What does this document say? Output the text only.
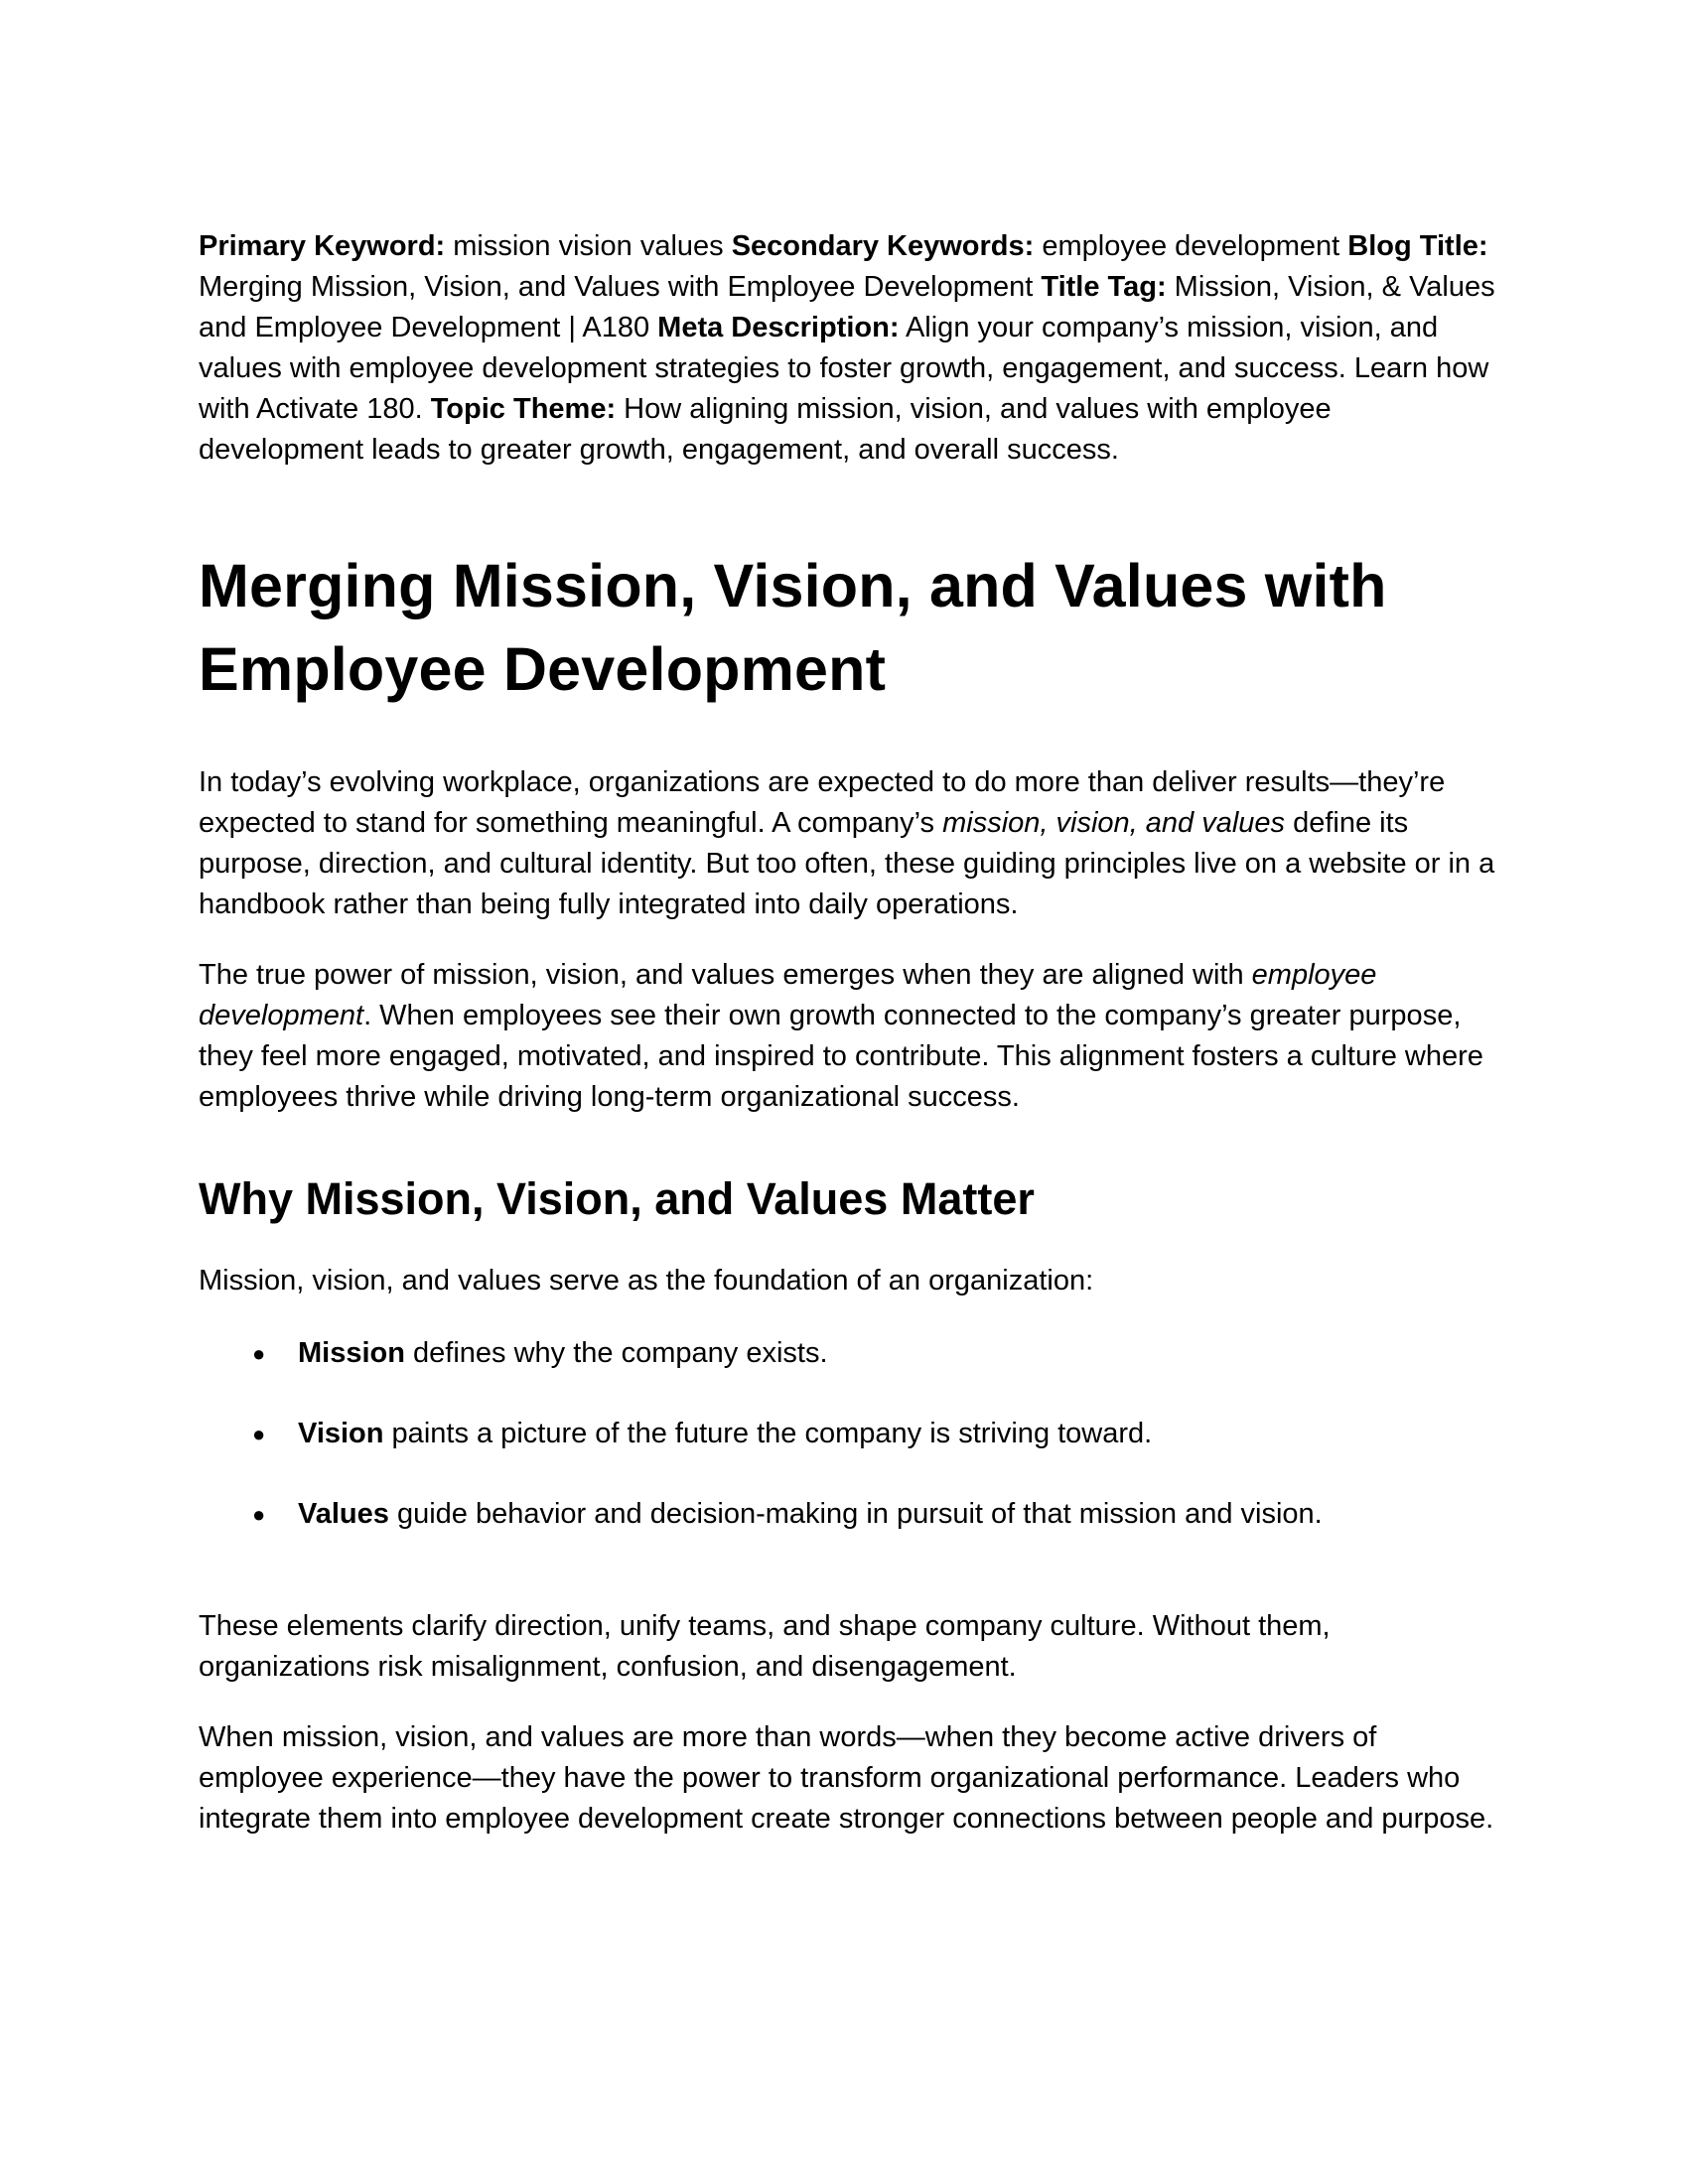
Primary Keyword: mission vision values Secondary Keywords: employee development Blog Title: Merging Mission, Vision, and Values with Employee Development Title Tag: Mission, Vision, & Values and Employee Development | A180 Meta Description: Align your company’s mission, vision, and values with employee development strategies to foster growth, engagement, and success. Learn how with Activate 180. Topic Theme: How aligning mission, vision, and values with employee development leads to greater growth, engagement, and overall success.

Merging Mission, Vision, and Values with Employee Development

In today’s evolving workplace, organizations are expected to do more than deliver results—they’re expected to stand for something meaningful. A company’s mission, vision, and values define its purpose, direction, and cultural identity. But too often, these guiding principles live on a website or in a handbook rather than being fully integrated into daily operations.

The true power of mission, vision, and values emerges when they are aligned with employee development. When employees see their own growth connected to the company’s greater purpose, they feel more engaged, motivated, and inspired to contribute. This alignment fosters a culture where employees thrive while driving long-term organizational success.

Why Mission, Vision, and Values Matter

Mission, vision, and values serve as the foundation of an organization:

● Mission defines why the company exists.
● Vision paints a picture of the future the company is striving toward.
● Values guide behavior and decision-making in pursuit of that mission and vision.

These elements clarify direction, unify teams, and shape company culture. Without them, organizations risk misalignment, confusion, and disengagement.

When mission, vision, and values are more than words—when they become active drivers of employee experience—they have the power to transform organizational performance. Leaders who integrate them into employee development create stronger connections between people and purpose.
